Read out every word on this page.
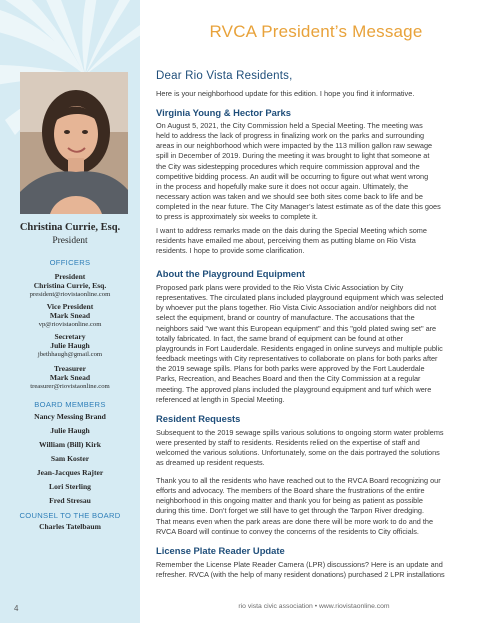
Christina Currie, Esq.
President
OFFICERS
President
Christina Currie, Esq.
president@riovistaonline.com
Vice President
Mark Snead
vp@riovistaonline.com
Secretary
Julie Haugh
jbethhaugh@gmail.com
Treasurer
Mark Snead
treasurer@riovistaonline.com
BOARD MEMBERS
Nancy Messing Brand
Julie Haugh
William (Bill) Kirk
Sam Koster
Jean-Jacques Rajter
Lori Sterling
Fred Stresau
COUNSEL TO THE BOARD
Charles Tatelbaum
4
RVCA President’s Message
Dear Rio Vista Residents,
Here is your neighborhood update for this edition. I hope you find it informative.
Virginia Young & Hector Parks
On August 5, 2021, the City Commission held a Special Meeting. The meeting was
held to address the lack of progress in finalizing work on the parks and surrounding
areas in our neighborhood which were impacted by the 113 million gallon raw sewage
spill in December of 2019. During the meeting it was brought to light that someone at
the City was sidestepping procedures which require commission approval and the
competitive bidding process. An audit will be occurring to figure out what went wrong
in the process and hopefully make sure it does not occur again. Ultimately, the
necessary action was taken and we should see both sites come back to life and be
completed in the near future. The City Manager’s latest estimate as of the date this goes
to press is approximately six weeks to complete it.
I want to address remarks made on the dais during the Special Meeting which some
residents have emailed me about, perceiving them as putting blame on Rio Vista
residents. I hope to provide some clarification.
About the Playground Equipment
Proposed park plans were provided to the Rio Vista Civic Association by City
representatives. The circulated plans included playground equipment which was selected
by whoever put the plans together. Rio Vista Civic Association and/or neighbors did not
select the equipment, brand or country of manufacture. The accusations that the
neighbors said "we want this European equipment" and this "gold plated swing set" are
totally fabricated. In fact, the same brand of equipment can be found at other
playgrounds in Fort Lauderdale. Residents engaged in online surveys and multiple public
feedback meetings with City representatives to collaborate on plans for both parks after
the 2019 sewage spills. Plans for both parks were approved by the Fort Lauderdale
Parks, Recreation, and Beaches Board and then the City Commission at a regular
meeting. The approved plans included the playground equipment and turf which were
referenced at length in Special Meeting.
Resident Requests
Subsequent to the 2019 sewage spills various solutions to ongoing storm water problems
were presented by staff to residents. Residents relied on the expertise of staff and
welcomed the various solutions. Unfortunately, some on the dais portrayed the solutions
as dreamed up resident requests.
Thank you to all the residents who have reached out to the RVCA Board recognizing our
efforts and advocacy. The members of the Board share the frustrations of the entire
neighborhood in this ongoing matter and thank you for being as patient as possible
during this time. Don’t forget we still have to get through the Tarpon River dredging.
That means even when the park areas are done there will be more work to do and the
RVCA Board will continue to convey the concerns of the residents to City officials.
License Plate Reader Update
Remember the License Plate Reader Camera (LPR) discussions? Here is an update and
refresher. RVCA (with the help of many resident donations) purchased 2 LPR installations
rio vista civic association • www.riovistaonline.com
